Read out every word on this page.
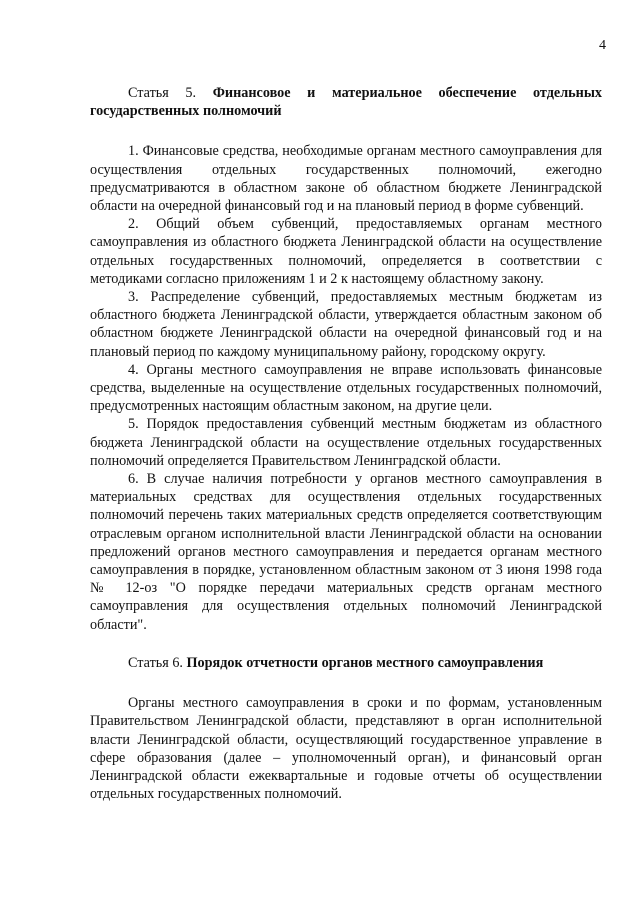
4
Статья 5. Финансовое и материальное обеспечение отдельных государственных полномочий

1. Финансовые средства, необходимые органам местного самоуправления для осуществления отдельных государственных полномочий, ежегодно предусматриваются в областном законе об областном бюджете Ленинградской области на очередной финансовый год и на плановый период в форме субвенций.

2. Общий объем субвенций, предоставляемых органам местного самоуправления из областного бюджета Ленинградской области на осуществление отдельных государственных полномочий, определяется в соответствии с методиками согласно приложениям 1 и 2 к настоящему областному закону.

3. Распределение субвенций, предоставляемых местным бюджетам из областного бюджета Ленинградской области, утверждается областным законом об областном бюджете Ленинградской области на очередной финансовый год и на плановый период по каждому муниципальному району, городскому округу.

4. Органы местного самоуправления не вправе использовать финансовые средства, выделенные на осуществление отдельных государственных полномочий, предусмотренных настоящим областным законом, на другие цели.

5. Порядок предоставления субвенций местным бюджетам из областного бюджета Ленинградской области на осуществление отдельных государственных полномочий определяется Правительством Ленинградской области.

6. В случае наличия потребности у органов местного самоуправления в материальных средствах для осуществления отдельных государственных полномочий перечень таких материальных средств определяется соответствующим отраслевым органом исполнительной власти Ленинградской области на основании предложений органов местного самоуправления и передается органам местного самоуправления в порядке, установленном областным законом от 3 июня 1998 года № 12-оз "О порядке передачи материальных средств органам местного самоуправления для осуществления отдельных полномочий Ленинградской области".

Статья 6. Порядок отчетности органов местного самоуправления

Органы местного самоуправления в сроки и по формам, установленным Правительством Ленинградской области, представляют в орган исполнительной власти Ленинградской области, осуществляющий государственное управление в сфере образования (далее – уполномоченный орган), и финансовый орган Ленинградской области ежеквартальные и годовые отчеты об осуществлении отдельных государственных полномочий.
